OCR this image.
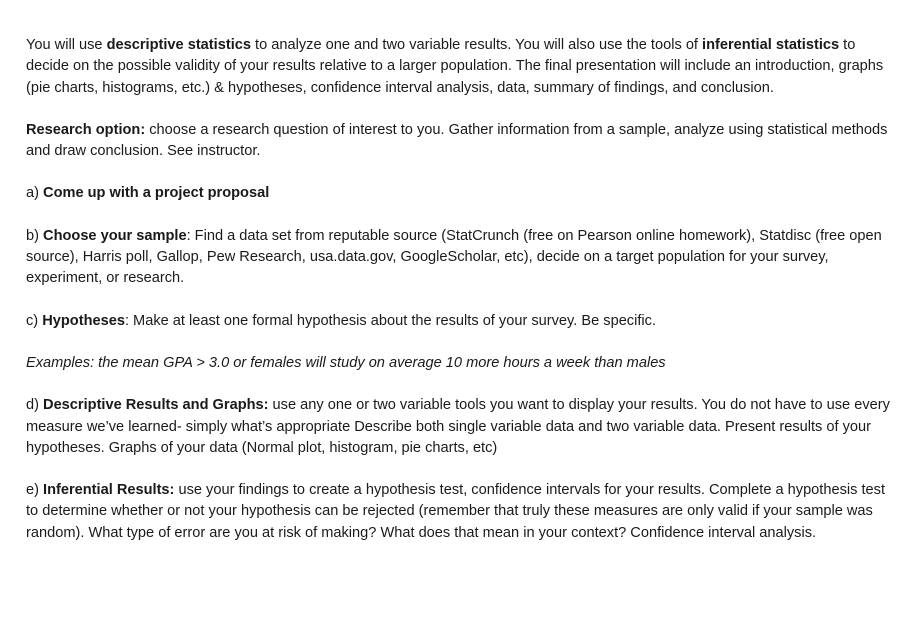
You will use descriptive statistics to analyze one and two variable results. You will also use the tools of inferential statistics to decide on the possible validity of your results relative to a larger population. The final presentation will include an introduction, graphs (pie charts, histograms, etc.) & hypotheses, confidence interval analysis, data, summary of findings, and conclusion.

Research option: choose a research question of interest to you. Gather information from a sample, analyze using statistical methods and draw conclusion. See instructor.

a) Come up with a project proposal

b) Choose your sample: Find a data set from reputable source (StatCrunch (free on Pearson online homework), Statdisc (free open source), Harris poll, Gallop, Pew Research, usa.data.gov, GoogleScholar, etc), decide on a target population for your survey, experiment, or research.

c) Hypotheses: Make at least one formal hypothesis about the results of your survey. Be specific.

Examples: the mean GPA > 3.0 or females will study on average 10 more hours a week than males

d) Descriptive Results and Graphs: use any one or two variable tools you want to display your results. You do not have to use every measure we’ve learned- simply what’s appropriate Describe both single variable data and two variable data. Present results of your hypotheses. Graphs of your data (Normal plot, histogram, pie charts, etc)

e) Inferential Results: use your findings to create a hypothesis test, confidence intervals for your results. Complete a hypothesis test to determine whether or not your hypothesis can be rejected (remember that truly these measures are only valid if your sample was random). What type of error are you at risk of making? What does that mean in your context? Confidence interval analysis.
